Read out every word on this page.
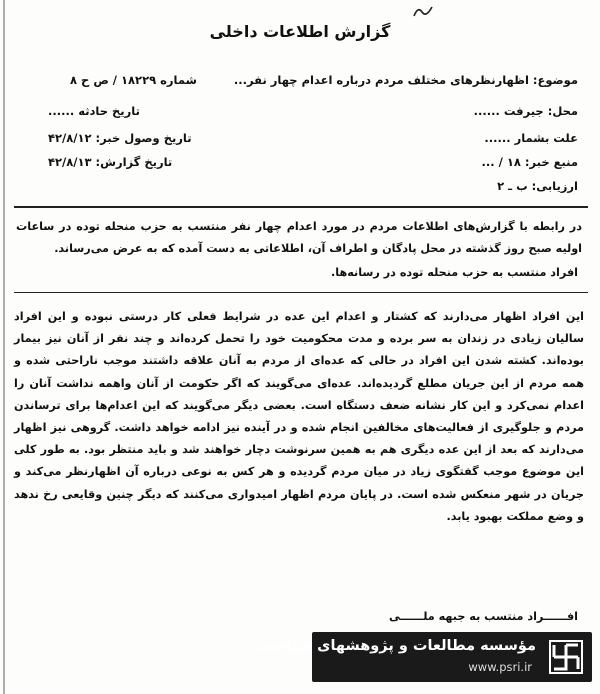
گزارش اطلاعات داخلی
موضوع: اظهارنظرهای مختلف مردم درباره اعدام چهار نفر...
شماره ۱۸۲۲۹ / ص ح ۸
محل: جیرفت ......
تاریخ حادثه ......
علت بشمار ......
تاریخ وصول خبر: ۴۲/۸/۱۲
منبع خبر: ۱۸ / ...
تاریخ گزارش: ۴۲/۸/۱۳
ارزیابی: ب ـ ۲
در رابطه با گزارش‌های اطلاعات مردم در مورد اعدام چهار نفر منتسب به حزب منحله توده در ساعات اولیه صبح روز گذشته در محل پادگان و اطراف آن، اطلاعاتی به دست آمده که به عرض می‌رساند.
افراد منتسب به حزب منحله توده در رسانه‌ها.
این افراد اظهار می‌دارند که کشتار و اعدام این عده در شرایط فعلی کار درستی نبوده و این افراد سالیان زیادی در زندان به سر برده و مدت محکومیت خود را تحمل کرده‌اند و چند نفر از آنان نیز بیمار بوده‌اند. کشته شدن این افراد در حالی که عده‌ای از مردم به آنان علاقه داشتند موجب ناراحتی شده و همه مردم از این جریان مطلع گردیده‌اند. عده‌ای می‌گویند که اگر حکومت از آنان واهمه نداشت آنان را اعدام نمی‌کرد و این کار نشانه ضعف دستگاه است. بعضی دیگر می‌گویند که این اعدام‌ها برای ترساندن مردم و جلوگیری از فعالیت‌های مخالفین انجام شده و در آینده نیز ادامه خواهد داشت. گروهی نیز اظهار می‌دارند که بعد از این عده دیگری هم به همین سرنوشت دچار خواهند شد و باید منتظر بود. به طور کلی این موضوع موجب گفتگوی زیاد در میان مردم گردیده و هر کس به نوعی درباره آن اظهارنظر می‌کند و جریان در شهر منعکس شده است. در پایان مردم اظهار امیدواری می‌کنند که دیگر چنین وقایعی رخ ندهد و وضع مملکت بهبود یابد.
افــــــراد منتسب به جبهه ملــــــی
مؤسسه مطالعات و پژوهشهای سیاسی
www.psri.ir
